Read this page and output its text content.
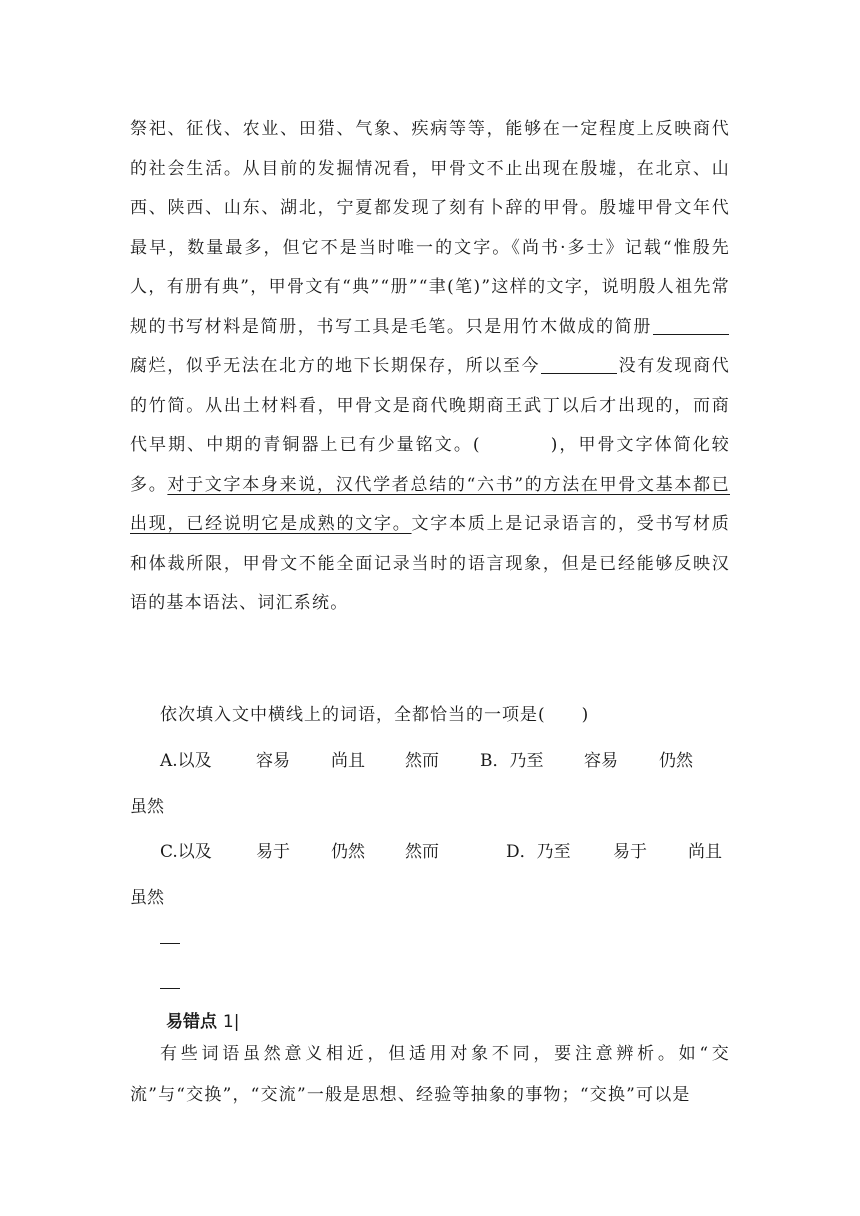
祭祀、征伐、农业、田猎、气象、疾病等等，能够在一定程度上反映商代的社会生活。从目前的发掘情况看，甲骨文不止出现在殷墟，在北京、山西、陕西、山东、湖北，宁夏都发现了刻有卜辞的甲骨。殷墟甲骨文年代最早，数量最多，但它不是当时唯一的文字。《尚书·多士》记载“惟殷先人，有册有典”，甲骨文有“典”“册”“聿(笔)”这样的文字，说明殷人祖先常规的书写材料是简册，书写工具是毛笔。只是用竹木做成的简册腐烂，似乎无法在北方的地下长期保存，所以至今	没有发现商代的竹简。从出土材料看，甲骨文是商代晚期商王武丁以后才出现的，而商代早期、中期的青铜器上已有少量铭文。(	)，甲骨文字体简化较多。对于文字本身来说，汉代学者总结的“六书”的方法在甲骨文基本都已出现，已经说明它是成熟的文字。文字本质上是记录语言的，受书写材质和体裁所限，甲骨文不能全面记录当时的语言现象，但是已经能够反映汉语的基本语法、词汇系统。

依次填入文中横线上的词语，全都恰当的一项是(　　)
A.以及	容易 尚且 然而 B．乃至 容易 仍然
虽然
C.以及	易于 仍然 然而	D．乃至 易于 尚且
虽然
易错点 1|

有些词语虽然意义相近，但适用对象不同，要注意辨析。如“交流”与“交换”，“交流”一般是思想、经验等抽象的事物；“交换”可以是
